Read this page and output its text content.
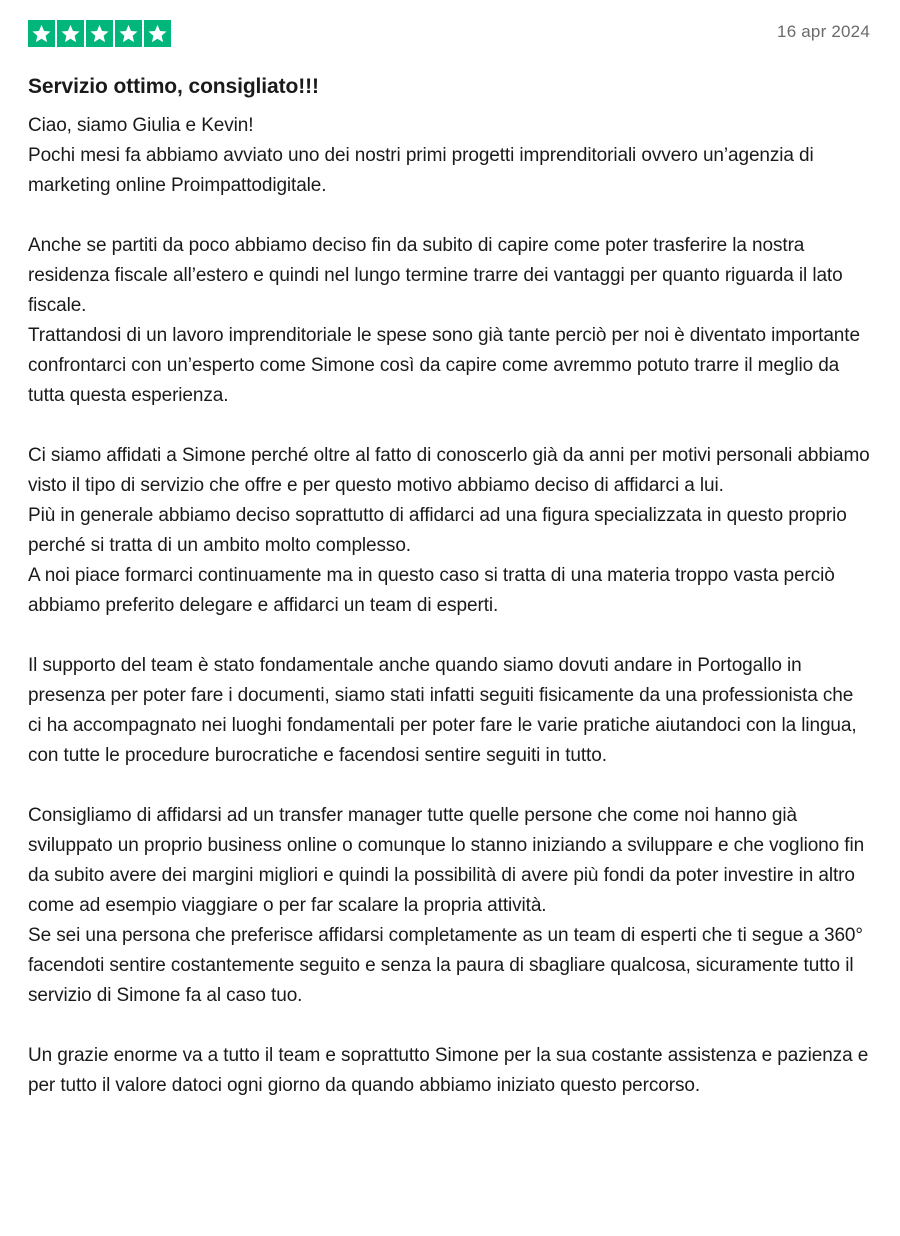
16 apr 2024
Servizio ottimo, consigliato!!!

Ciao, siamo Giulia e Kevin!

Pochi mesi fa abbiamo avviato uno dei nostri primi progetti imprenditoriali ovvero un’agenzia di marketing online Proimpattodigitale.

Anche se partiti da poco abbiamo deciso fin da subito di capire come poter trasferire la nostra residenza fiscale all’estero e quindi nel lungo termine trarre dei vantaggi per quanto riguarda il lato fiscale.

Trattandosi di un lavoro imprenditoriale le spese sono già tante perciò per noi è diventato importante confrontarci con un’esperto come Simone così da capire come avremmo potuto trarre il meglio da tutta questa esperienza.

Ci siamo affidati a Simone perché oltre al fatto di conoscerlo già da anni per motivi personali abbiamo visto il tipo di servizio che offre e per questo motivo abbiamo deciso di affidarci a lui.

Più in generale abbiamo deciso soprattutto di affidarci ad una figura specializzata in questo proprio perché si tratta di un ambito molto complesso.

A noi piace formarci continuamente ma in questo caso si tratta di una materia troppo vasta perciò abbiamo preferito delegare e affidarci un team di esperti.

Il supporto del team è stato fondamentale anche quando siamo dovuti andare in Portogallo in presenza per poter fare i documenti, siamo stati infatti seguiti fisicamente da una professionista che ci ha accompagnato nei luoghi fondamentali per poter fare le varie pratiche aiutandoci con la lingua, con tutte le procedure burocratiche e facendosi sentire seguiti in tutto.

Consigliamo di affidarsi ad un transfer manager tutte quelle persone che come noi hanno già sviluppato un proprio business online o comunque lo stanno iniziando a sviluppare e che vogliono fin da subito avere dei margini migliori e quindi la possibilità di avere più fondi da poter investire in altro come ad esempio viaggiare o per far scalare la propria attività.

Se sei una persona che preferisce affidarsi completamente as un team di esperti che ti segue a 360° facendoti sentire costantemente seguito e senza la paura di sbagliare qualcosa, sicuramente tutto il servizio di Simone fa al caso tuo.

Un grazie enorme va a tutto il team e soprattutto Simone per la sua costante assistenza e pazienza e per tutto il valore datoci ogni giorno da quando abbiamo iniziato questo percorso.
